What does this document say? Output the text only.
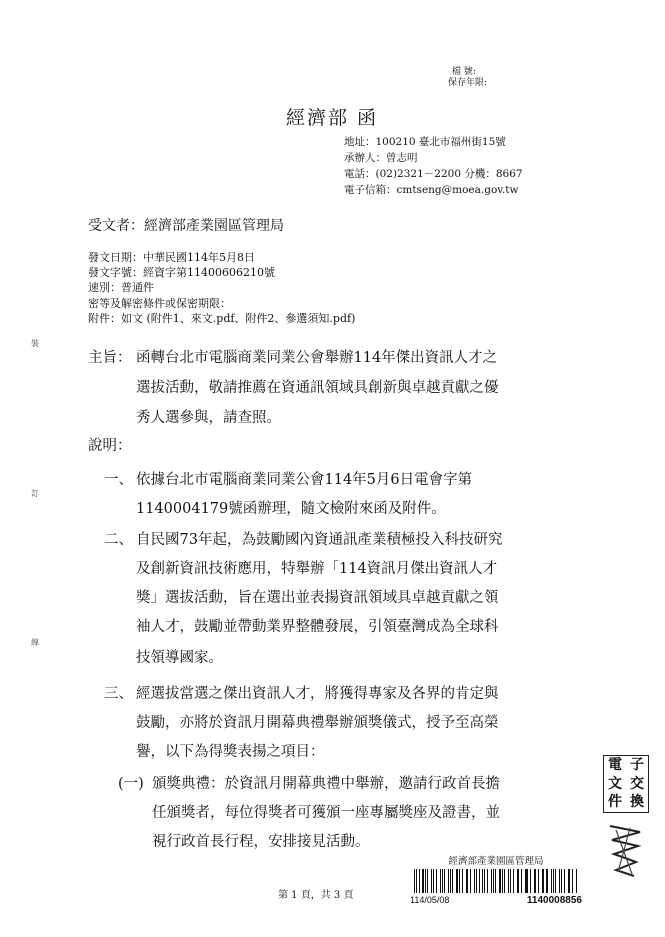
檔 號:
保存年限:
經濟部 函
地址：100210 臺北市福州街15號
承辦人：曾志明
電話：(02)2321－2200 分機：8667
電子信箱：cmtseng@moea.gov.tw
受文者：經濟部產業園區管理局
發文日期：中華民國114年5月8日
發文字號：經資字第11400606210號
速別：普通件
密等及解密條件或保密期限：
附件：如文 (附件1、來文.pdf、附件2、參選須知.pdf)
主旨： 函轉台北市電腦商業同業公會舉辦114年傑出資訊人才之
選拔活動，敬請推薦在資通訊領域具創新與卓越貢獻之優
秀人選參與，請查照。
說明：
一、 依據台北市電腦商業同業公會114年5月6日電會字第
1140004179號函辦理，隨文檢附來函及附件。
二、 自民國73年起，為鼓勵國內資通訊產業積極投入科技研究
及創新資訊技術應用，特舉辦「114資訊月傑出資訊人才
獎」選拔活動，旨在選出並表揚資訊領域具卓越貢獻之領
袖人才，鼓勵並帶動業界整體發展，引領臺灣成為全球科
技領導國家。
三、 經選拔當選之傑出資訊人才，將獲得專家及各界的肯定與
鼓勵，亦將於資訊月開幕典禮舉辦頒獎儀式，授予至高榮
譽，以下為得獎表揚之項目：
(一) 頒獎典禮：於資訊月開幕典禮中舉辦，邀請行政首長擔
任頒獎者，每位得獎者可獲頒一座專屬獎座及證書，並
視行政首長行程，安排接見活動。
第 1 頁，共 3 頁
經濟部產業園區管理局
114/05/08	1140008856
電 子
文 交
件 換
裝
訂
線
